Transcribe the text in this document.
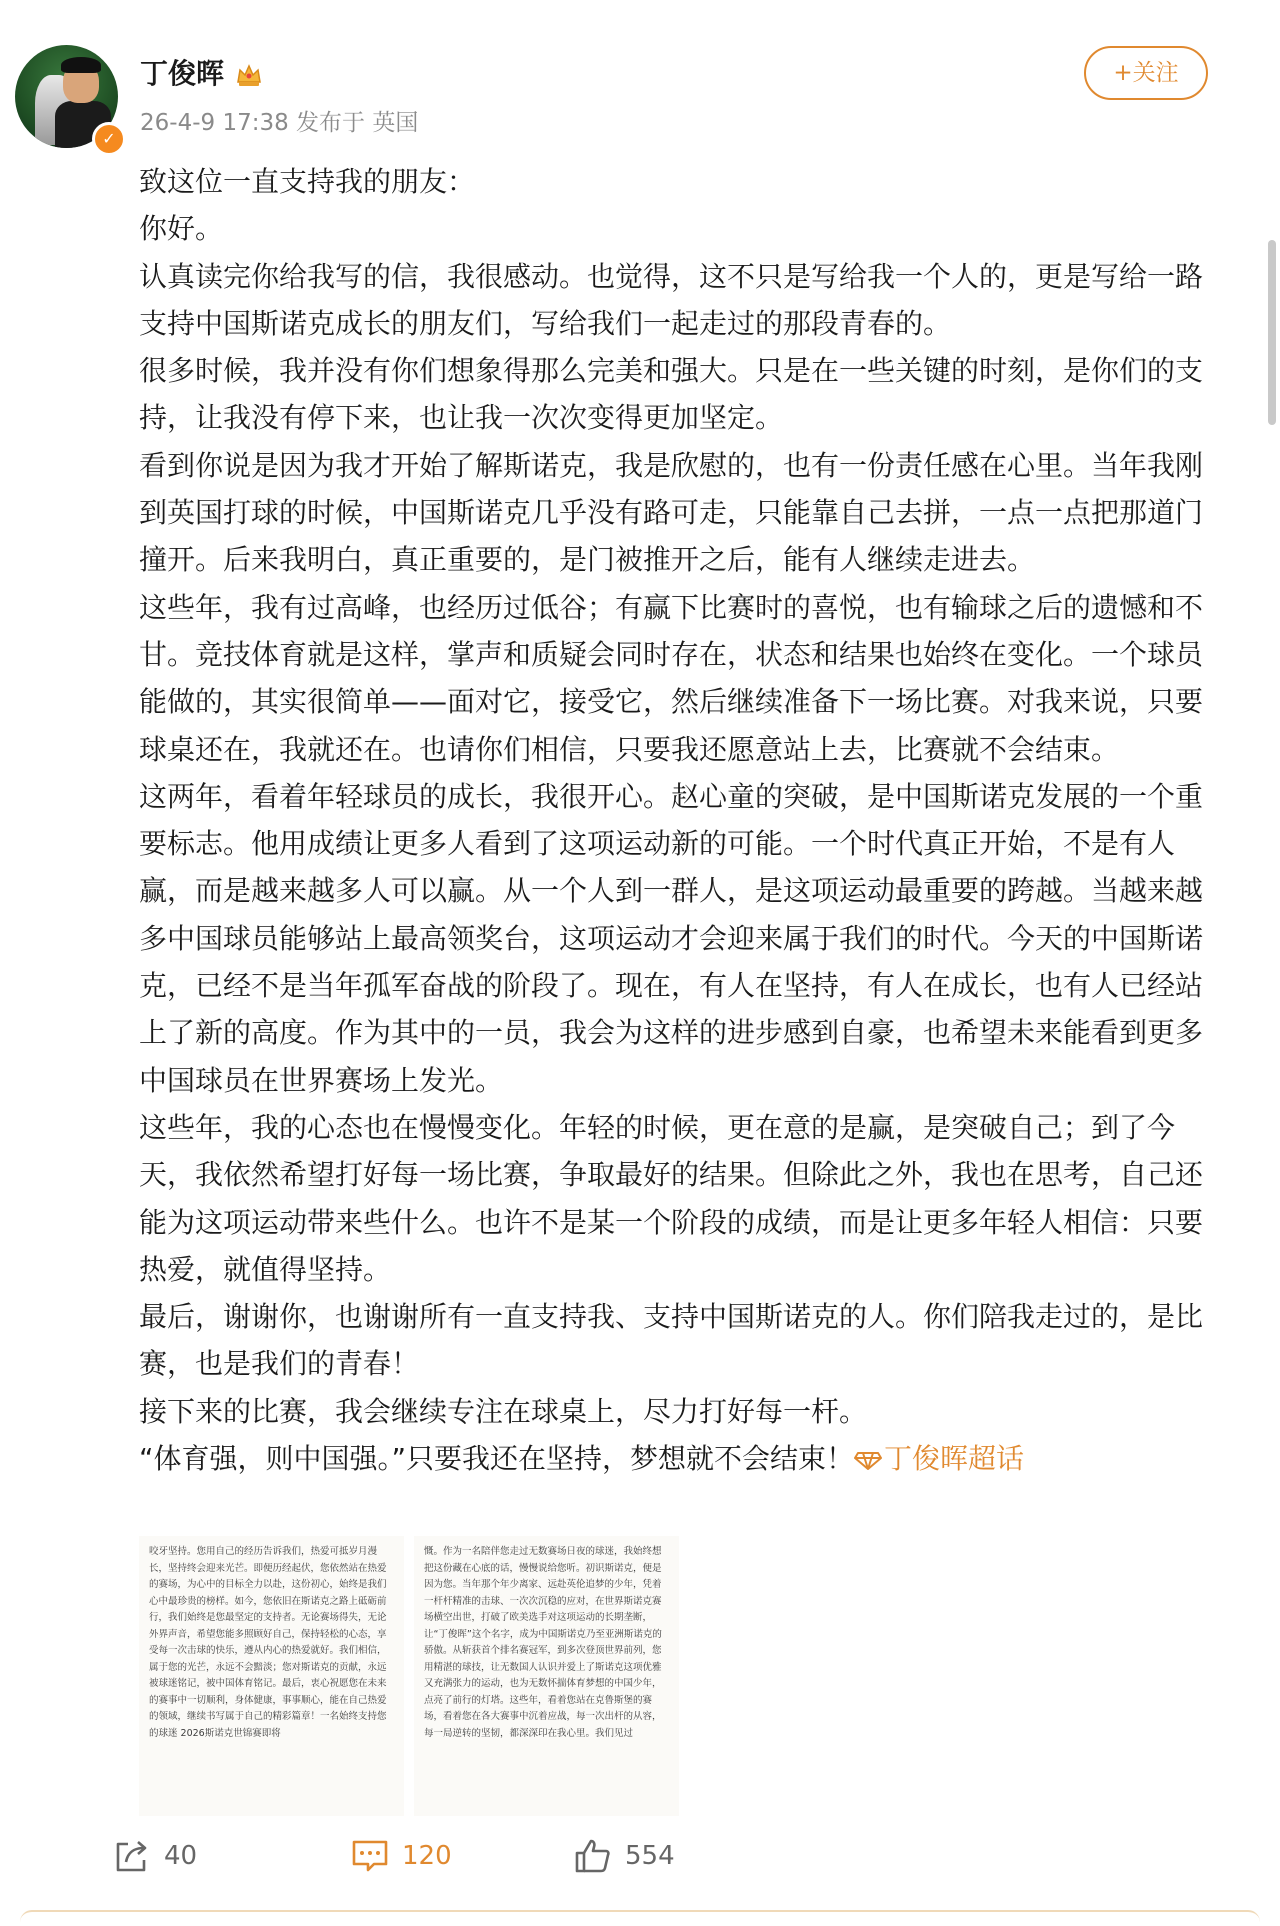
✓
丁俊晖
26-4-9 17:38 发布于 英国
+关注

致这位一直支持我的朋友：

你好。

认真读完你给我写的信，我很感动。也觉得，这不只是写给我一个人的，更是写给一路支持中国斯诺克成长的朋友们，写给我们一起走过的那段青春的。

很多时候，我并没有你们想象得那么完美和强大。只是在一些关键的时刻，是你们的支持，让我没有停下来，也让我一次次变得更加坚定。

看到你说是因为我才开始了解斯诺克，我是欣慰的，也有一份责任感在心里。当年我刚到英国打球的时候，中国斯诺克几乎没有路可走，只能靠自己去拼，一点一点把那道门撞开。后来我明白，真正重要的，是门被推开之后，能有人继续走进去。

这些年，我有过高峰，也经历过低谷；有赢下比赛时的喜悦，也有输球之后的遗憾和不甘。竞技体育就是这样，掌声和质疑会同时存在，状态和结果也始终在变化。一个球员能做的，其实很简单——面对它，接受它，然后继续准备下一场比赛。对我来说，只要球桌还在，我就还在。也请你们相信，只要我还愿意站上去，比赛就不会结束。

这两年，看着年轻球员的成长，我很开心。赵心童的突破，是中国斯诺克发展的一个重要标志。他用成绩让更多人看到了这项运动新的可能。一个时代真正开始，不是有人赢，而是越来越多人可以赢。从一个人到一群人，是这项运动最重要的跨越。当越来越多中国球员能够站上最高领奖台，这项运动才会迎来属于我们的时代。今天的中国斯诺克，已经不是当年孤军奋战的阶段了。现在，有人在坚持，有人在成长，也有人已经站上了新的高度。作为其中的一员，我会为这样的进步感到自豪，也希望未来能看到更多中国球员在世界赛场上发光。

这些年，我的心态也在慢慢变化。年轻的时候，更在意的是赢，是突破自己；到了今天，我依然希望打好每一场比赛，争取最好的结果。但除此之外，我也在思考，自己还能为这项运动带来些什么。也许不是某一个阶段的成绩，而是让更多年轻人相信：只要热爱，就值得坚持。

最后，谢谢你，也谢谢所有一直支持我、支持中国斯诺克的人。你们陪我走过的，是比赛，也是我们的青春！

接下来的比赛，我会继续专注在球桌上，尽力打好每一杆。

“体育强，则中国强。”只要我还在坚持，梦想就不会结束！ 丁俊晖超话

咬牙坚持。您用自己的经历告诉我们，热爱可抵岁月漫长，坚持终会迎来光芒。即便历经起伏，您依然站在热爱的赛场，为心中的目标全力以赴，这份初心，始终是我们心中最珍贵的榜样。如今，您依旧在斯诺克之路上砥砺前行，我们始终是您最坚定的支持者。无论赛场得失，无论外界声音，希望您能多照顾好自己，保持轻松的心态，享受每一次击球的快乐，遵从内心的热爱就好。我们相信，属于您的光芒，永远不会黯淡；您对斯诺克的贡献，永远被球迷铭记，被中国体育铭记。最后，衷心祝愿您在未来的赛事中一切顺利，身体健康，事事顺心，能在自己热爱的领域，继续书写属于自己的精彩篇章！一名始终支持您的球迷 2026斯诺克世锦赛即将

慨。作为一名陪伴您走过无数赛场日夜的球迷，我始终想把这份藏在心底的话，慢慢说给您听。初识斯诺克，便是因为您。当年那个年少离家、远赴英伦追梦的少年，凭着一杆杆精准的击球、一次次沉稳的应对，在世界斯诺克赛场横空出世，打破了欧美选手对这项运动的长期垄断，让“丁俊晖”这个名字，成为中国斯诺克乃至亚洲斯诺克的骄傲。从斩获首个排名赛冠军，到多次登顶世界前列，您用精湛的球技，让无数国人认识并爱上了斯诺克这项优雅又充满张力的运动，也为无数怀揣体育梦想的中国少年，点亮了前行的灯塔。这些年，看着您站在克鲁斯堡的赛场，看着您在各大赛事中沉着应战，每一次出杆的从容，每一局逆转的坚韧，都深深印在我心里。我们见过

40	120	554
